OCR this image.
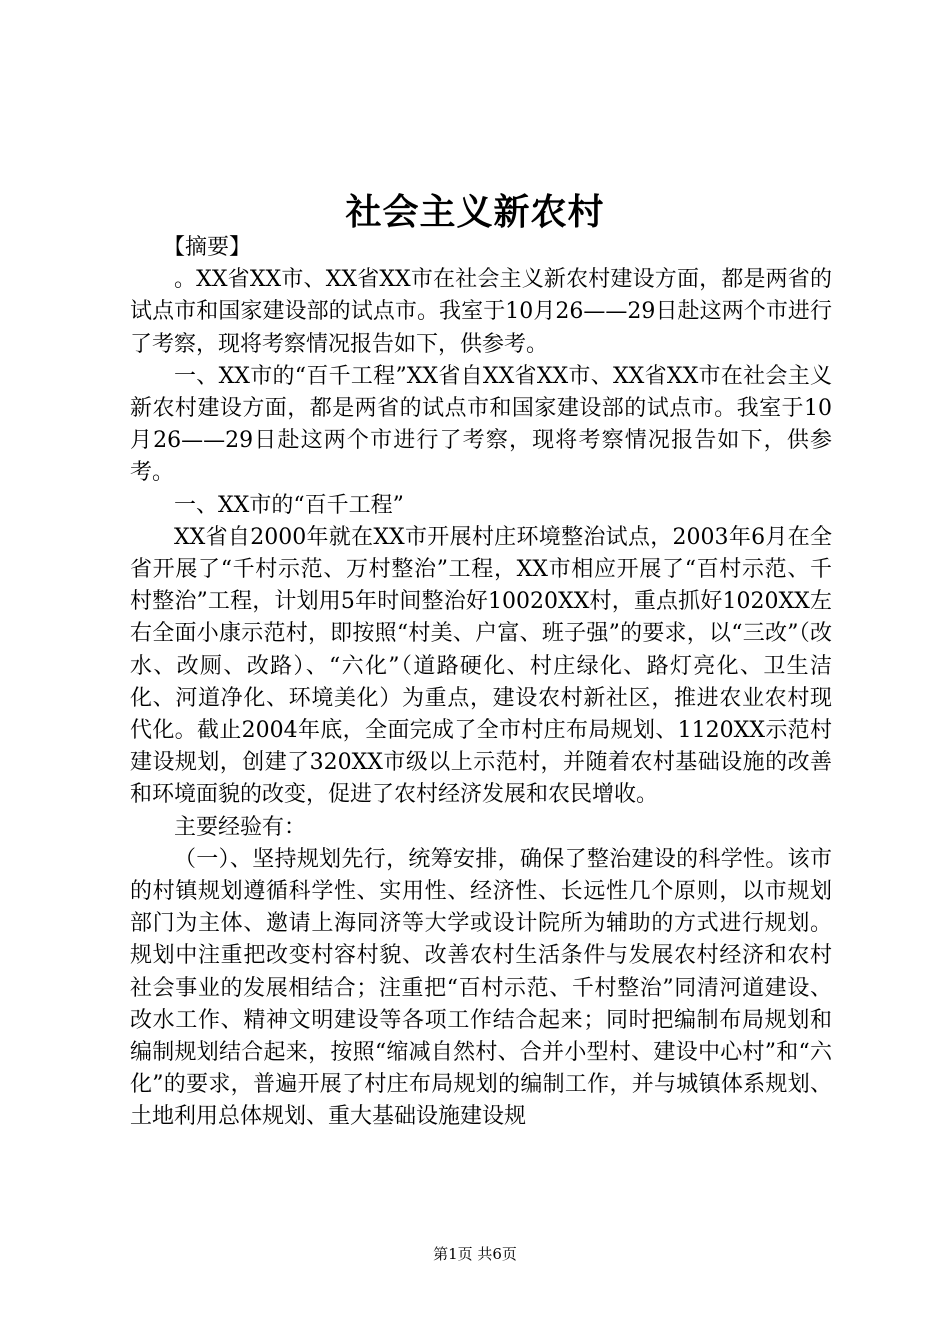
社会主义新农村

【摘要】

。XX省XX市、XX省XX市在社会主义新农村建设方面，都是两省的试点市和国家建设部的试点市。我室于10月26——29日赴这两个市进行了考察，现将考察情况报告如下，供参考。

一、XX市的“百千工程”XX省自XX省XX市、XX省XX市在社会主义新农村建设方面，都是两省的试点市和国家建设部的试点市。我室于10月26——29日赴这两个市进行了考察，现将考察情况报告如下，供参考。

一、XX市的“百千工程”

XX省自2000年就在XX市开展村庄环境整治试点，2003年6月在全省开展了“千村示范、万村整治”工程，XX市相应开展了“百村示范、千村整治”工程，计划用5年时间整治好10020XX村，重点抓好1020XX左右全面小康示范村，即按照“村美、户富、班子强”的要求，以“三改”（改水、改厕、改路）、“六化”（道路硬化、村庄绿化、路灯亮化、卫生洁化、河道净化、环境美化）为重点，建设农村新社区，推进农业农村现代化。截止2004年底，全面完成了全市村庄布局规划、1120XX示范村建设规划，创建了320XX市级以上示范村，并随着农村基础设施的改善和环境面貌的改变，促进了农村经济发展和农民增收。

主要经验有：

（一）、坚持规划先行，统筹安排，确保了整治建设的科学性。该市的村镇规划遵循科学性、实用性、经济性、长远性几个原则，以市规划部门为主体、邀请上海同济等大学或设计院所为辅助的方式进行规划。规划中注重把改变村容村貌、改善农村生活条件与发展农村经济和农村社会事业的发展相结合；注重把“百村示范、千村整治”同清河道建设、改水工作、精神文明建设等各项工作结合起来；同时把编制布局规划和编制规划结合起来，按照“缩减自然村、合并小型村、建设中心村”和“六化”的要求，普遍开展了村庄布局规划的编制工作，并与城镇体系规划、土地利用总体规划、重大基础设施建设规

第1页 共6页
